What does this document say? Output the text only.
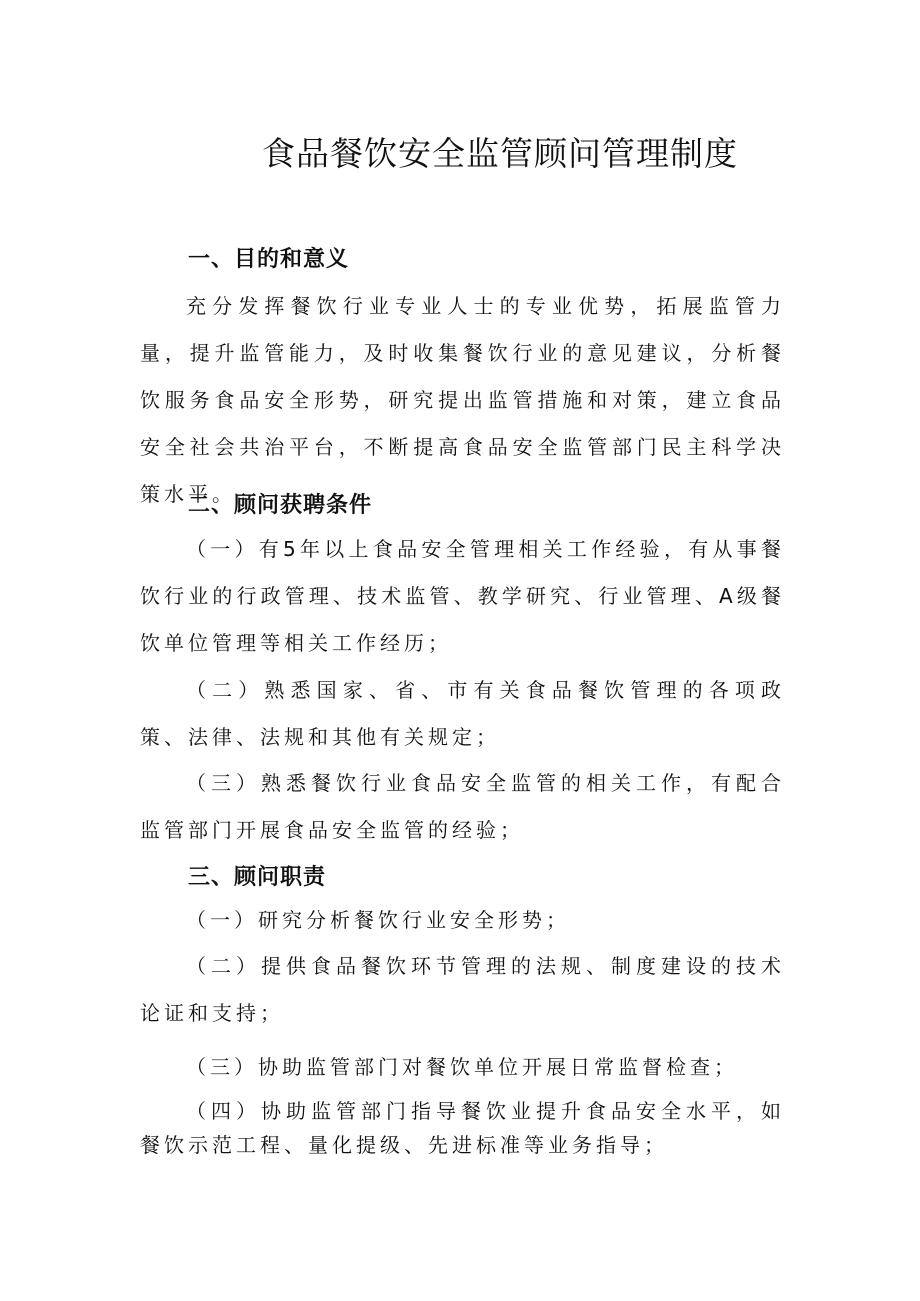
食品餐饮安全监管顾问管理制度
一、目的和意义

充分发挥餐饮行业专业人士的专业优势，拓展监管力量，提升监管能力，及时收集餐饮行业的意见建议，分析餐饮服务食品安全形势，研究提出监管措施和对策，建立食品安全社会共治平台，不断提高食品安全监管部门民主科学决策水平。

二、顾问获聘条件

（一）有5年以上食品安全管理相关工作经验，有从事餐饮行业的行政管理、技术监管、教学研究、行业管理、A级餐饮单位管理等相关工作经历；

（二）熟悉国家、省、市有关食品餐饮管理的各项政策、法律、法规和其他有关规定；

（三）熟悉餐饮行业食品安全监管的相关工作，有配合监管部门开展食品安全监管的经验；

三、顾问职责

（一）研究分析餐饮行业安全形势；

（二）提供食品餐饮环节管理的法规、制度建设的技术论证和支持；

（三）协助监管部门对餐饮单位开展日常监督检查；

（四）协助监管部门指导餐饮业提升食品安全水平，如餐饮示范工程、量化提级、先进标准等业务指导；
